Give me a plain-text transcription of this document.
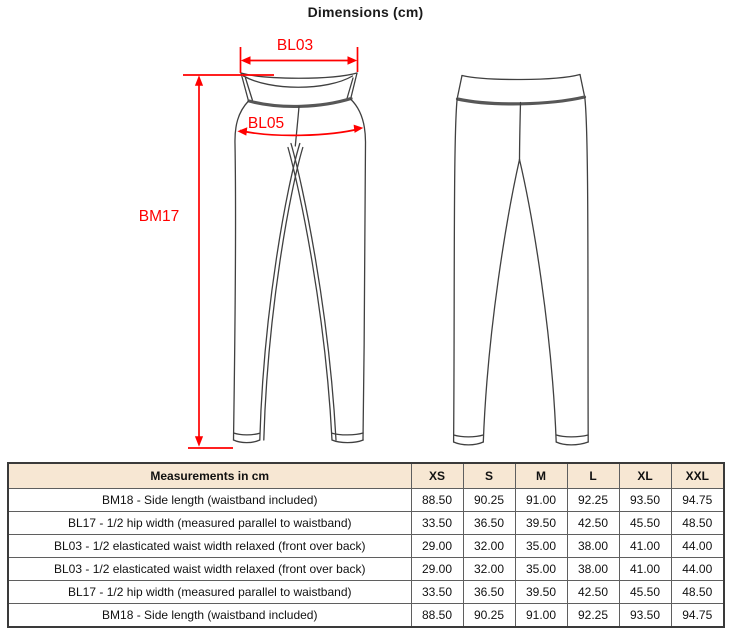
Dimensions (cm)
BL03
BL05
BM17
Measurements in cm	XS	S	M	L	XL	XXL
BM18 - Side length (waistband included)	88.50	90.25	91.00	92.25	93.50	94.75
BL17 - 1/2 hip width (measured parallel to waistband)	33.50	36.50	39.50	42.50	45.50	48.50
BL03 - 1/2 elasticated waist width relaxed (front over back)	29.00	32.00	35.00	38.00	41.00	44.00
BL03 - 1/2 elasticated waist width relaxed (front over back)	29.00	32.00	35.00	38.00	41.00	44.00
BL17 - 1/2 hip width (measured parallel to waistband)	33.50	36.50	39.50	42.50	45.50	48.50
BM18 - Side length (waistband included)	88.50	90.25	91.00	92.25	93.50	94.75
